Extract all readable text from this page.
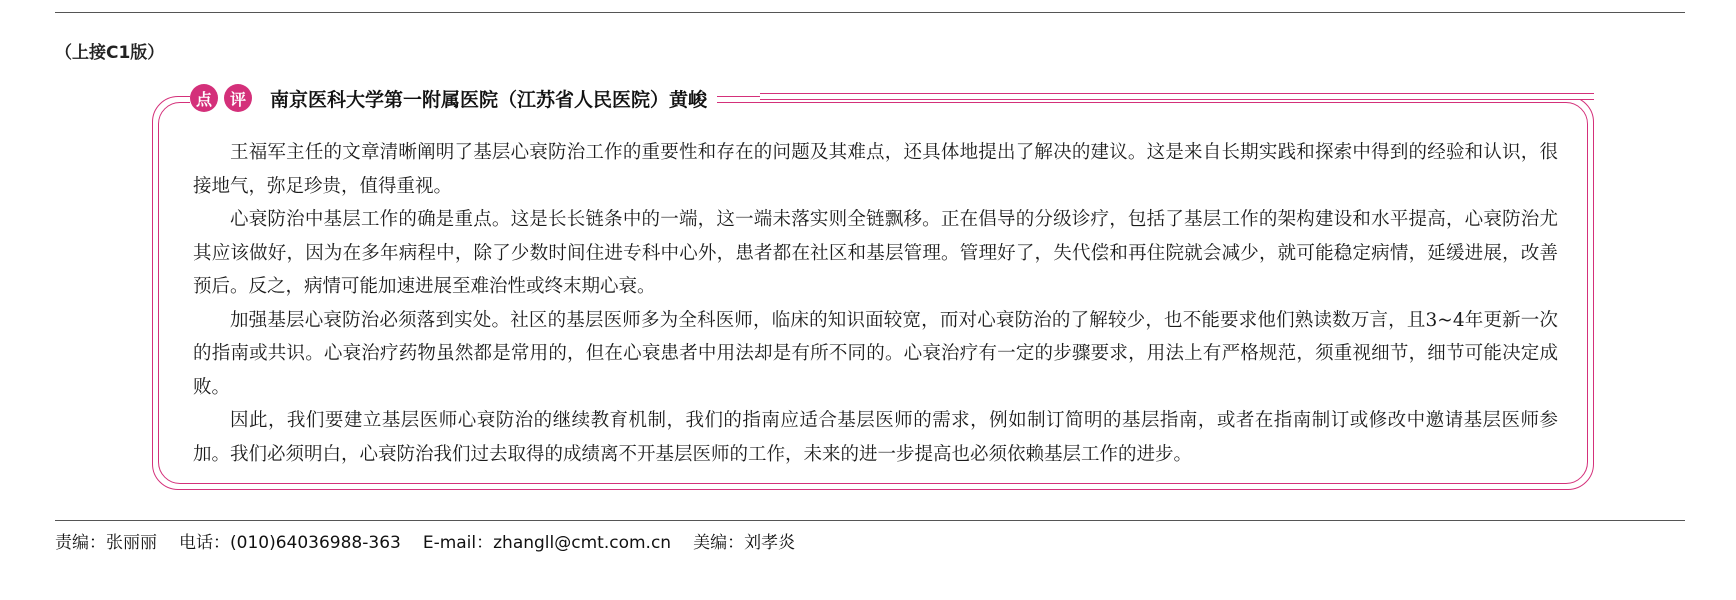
（上接C1版）
点	评	南京医科大学第一附属医院（江苏省人民医院）黄峻

王福军主任的文章清晰阐明了基层心衰防治工作的重要性和存在的问题及其难点，还具体地提出了解决的建议。这是来自长期实践和探索中得到的经验和认识，很接地气，弥足珍贵，值得重视。

心衰防治中基层工作的确是重点。这是长长链条中的一端，这一端未落实则全链飘移。正在倡导的分级诊疗，包括了基层工作的架构建设和水平提高，心衰防治尤其应该做好，因为在多年病程中，除了少数时间住进专科中心外，患者都在社区和基层管理。管理好了，失代偿和再住院就会减少，就可能稳定病情，延缓进展，改善预后。反之，病情可能加速进展至难治性或终末期心衰。

加强基层心衰防治必须落到实处。社区的基层医师多为全科医师，临床的知识面较宽，而对心衰防治的了解较少，也不能要求他们熟读数万言，且3~4年更新一次的指南或共识。心衰治疗药物虽然都是常用的，但在心衰患者中用法却是有所不同的。心衰治疗有一定的步骤要求，用法上有严格规范，须重视细节，细节可能决定成败。

因此，我们要建立基层医师心衰防治的继续教育机制，我们的指南应适合基层医师的需求，例如制订简明的基层指南，或者在指南制订或修改中邀请基层医师参加。我们必须明白，心衰防治我们过去取得的成绩离不开基层医师的工作，未来的进一步提高也必须依赖基层工作的进步。

责编：张丽丽 电话：(010)64036988-363 E-mail：zhangll@cmt.com.cn 美编：刘孝炎
